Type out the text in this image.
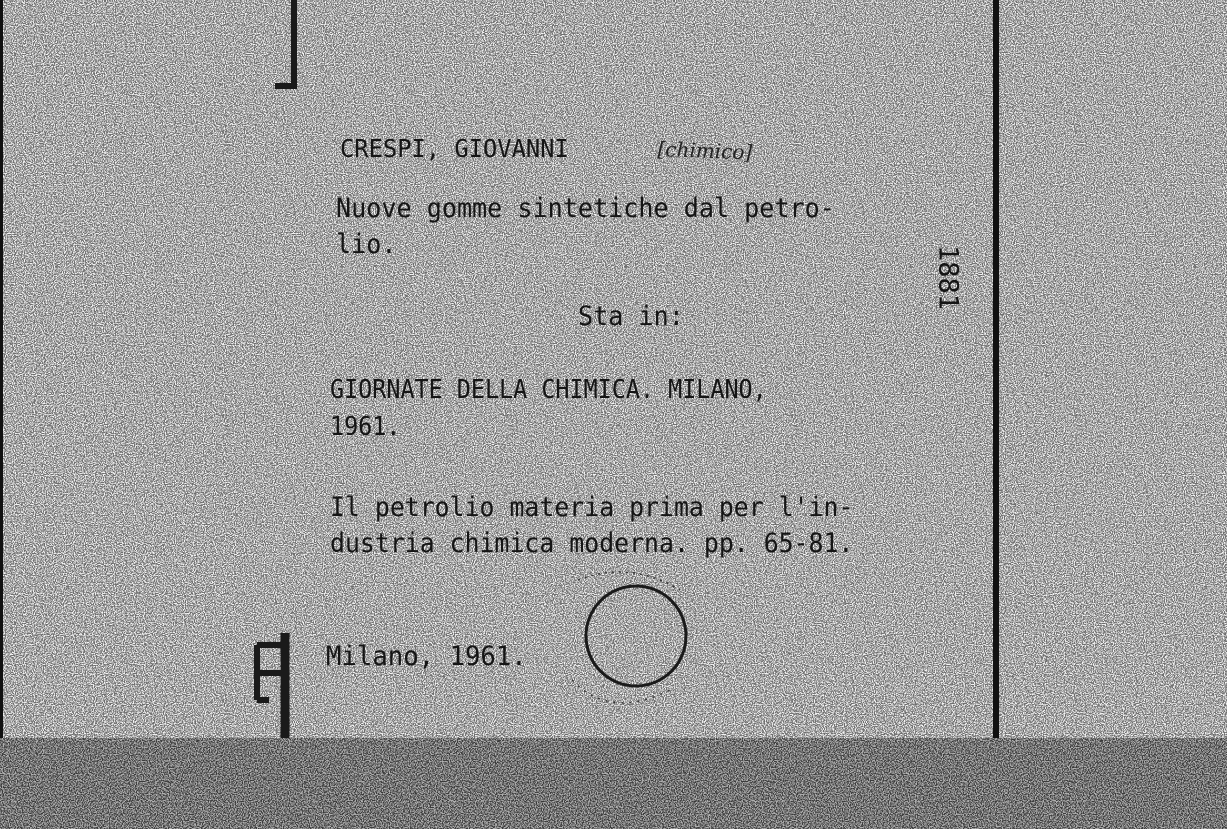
CRESPI, GIOVANNI	[chimico]
Nuove gomme sintetiche dal petro-
lio.
Sta in:
GIORNATE DELLA CHIMICA. MILANO,
1961.
Il petrolio materia prima per l'in-
dustria chimica moderna. pp. 65-81.
Milano, 1961.
1881
